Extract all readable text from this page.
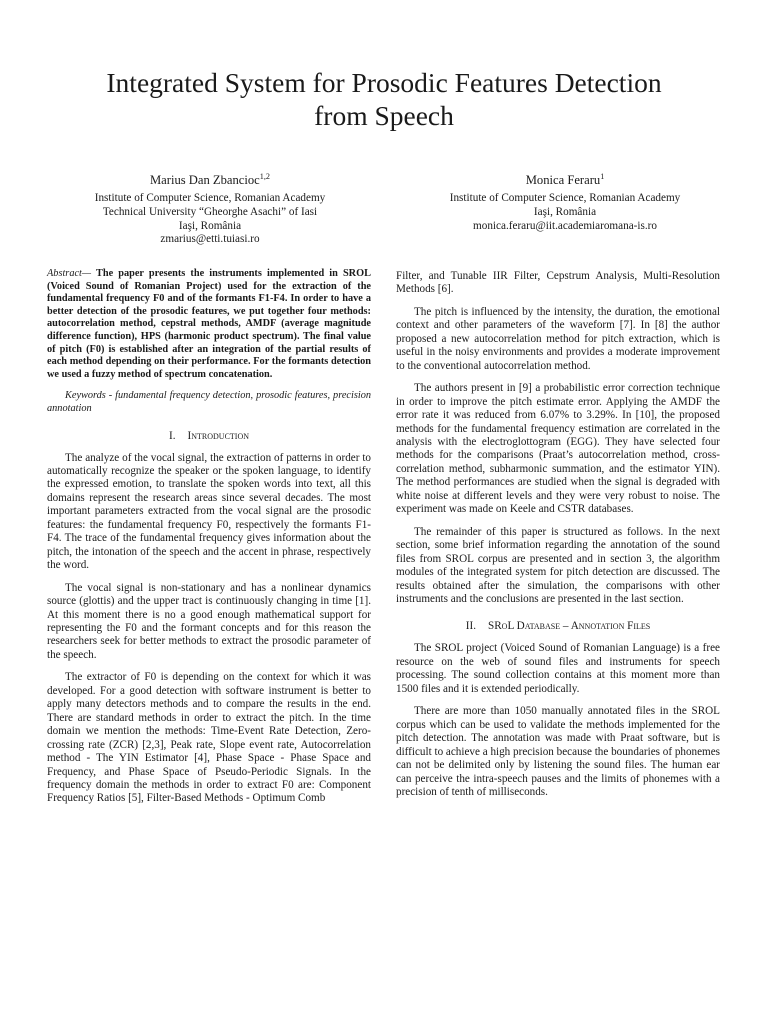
Integrated System for Prosodic Features Detection
from Speech
Marius Dan Zbancioc$^{1,2}$
Institute of Computer Science, Romanian Academy
Technical University “Gheorghe Asachi” of Iasi
Iaşi, România
zmarius@etti.tuiasi.ro
Monica Feraru$^1$
Institute of Computer Science, Romanian Academy
Iaşi, România
monica.feraru@iit.academiaromana-is.ro

Abstract— The paper presents the instruments implemented in SROL (Voiced Sound of Romanian Project) used for the extraction of the fundamental frequency F0 and of the formants F1-F4. In order to have a better detection of the prosodic features, we put together four methods: autocorrelation method, cepstral methods, AMDF (average magnitude difference function), HPS (harmonic product spectrum). The final value of pitch (F0) is established after an integration of the partial results of each method depending on their performance. For the formants detection we used a fuzzy method of spectrum concatenation.

Keywords - fundamental frequency detection, prosodic features, precision annotation

I. Introduction

The analyze of the vocal signal, the extraction of patterns in order to automatically recognize the speaker or the spoken language, to identify the expressed emotion, to translate the spoken words into text, all this domains represent the research areas since several decades. The most important parameters extracted from the vocal signal are the prosodic features: the fundamental frequency F0, respectively the formants F1-F4. The trace of the fundamental frequency gives information about the pitch, the intonation of the speech and the accent in phrase, respectively the word.

The vocal signal is non-stationary and has a nonlinear dynamics source (glottis) and the upper tract is continuously changing in time [1]. At this moment there is no a good enough mathematical support for representing the F0 and the formant concepts and for this reason the researchers seek for better methods to extract the prosodic parameter of the speech.

The extractor of F0 is depending on the context for which it was developed. For a good detection with software instrument is better to apply many detectors methods and to compare the results in the end. There are standard methods in order to extract the pitch. In the time domain we mention the methods: Time-Event Rate Detection, Zero-crossing rate (ZCR) [2,3], Peak rate, Slope event rate, Autocorrelation method - The YIN Estimator [4], Phase Space - Phase Space and Frequency, and Phase Space of Pseudo-Periodic Signals. In the frequency domain the methods in order to extract F0 are: Component Frequency Ratios [5], Filter-Based Methods - Optimum Comb

Filter, and Tunable IIR Filter, Cepstrum Analysis, Multi-Resolution Methods [6].

The pitch is influenced by the intensity, the duration, the emotional context and other parameters of the waveform [7]. In [8] the author proposed a new autocorrelation method for pitch extraction, which is useful in the noisy environments and provides a moderate improvement to the conventional autocorrelation method.

The authors present in [9] a probabilistic error correction technique in order to improve the pitch estimate error. Applying the AMDF the error rate it was reduced from 6.07% to 3.29%. In [10], the proposed methods for the fundamental frequency estimation are correlated in the analysis with the electroglottogram (EGG). They have selected four methods for the comparisons (Praat’s autocorrelation method, cross-correlation method, subharmonic summation, and the estimator YIN). The method performances are studied when the signal is degraded with white noise at different levels and they were very robust to noise. The experiment was made on Keele and CSTR databases.

The remainder of this paper is structured as follows. In the next section, some brief information regarding the annotation of the sound files from SROL corpus are presented and in section 3, the algorithm modules of the integrated system for pitch detection are discussed. The results obtained after the simulation, the comparisons with other instruments and the conclusions are presented in the last section.

II. SRoL Database – Annotation Files

The SROL project (Voiced Sound of Romanian Language) is a free resource on the web of sound files and instruments for speech processing. The sound collection contains at this moment more than 1500 files and it is extended periodically.

There are more than 1050 manually annotated files in the SROL corpus which can be used to validate the methods implemented for the pitch detection. The annotation was made with Praat software, but is difficult to achieve a high precision because the boundaries of phonemes can not be delimited only by listening the sound files. The human ear can perceive the intra-speech pauses and the limits of phonemes with a precision of tenth of milliseconds.
